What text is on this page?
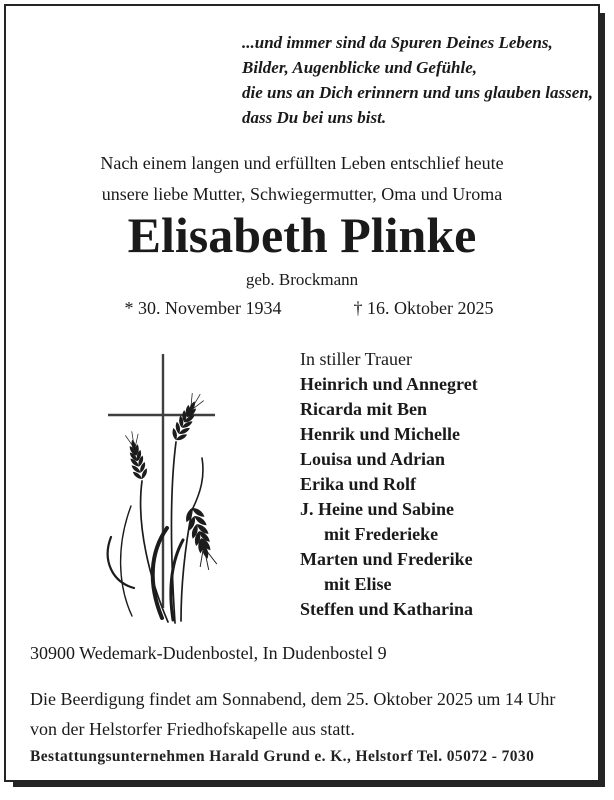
...und immer sind da Spuren Deines Lebens,
Bilder, Augenblicke und Gefühle,
die uns an Dich erinnern und uns glauben lassen,
dass Du bei uns bist.
Nach einem langen und erfüllten Leben entschlief heute
unsere liebe Mutter, Schwiegermutter, Oma und Uroma
Elisabeth Plinke
geb. Brockmann
* 30. November 1934	† 16. Oktober 2025
In stiller Trauer
Heinrich und Annegret
Ricarda mit Ben
Henrik und Michelle
Louisa und Adrian
Erika und Rolf
J. Heine und Sabine
mit Frederieke
Marten und Frederike
mit Elise
Steffen und Katharina
30900 Wedemark-Dudenbostel, In Dudenbostel 9
Die Beerdigung findet am Sonnabend, dem 25. Oktober 2025 um 14 Uhr
von der Helstorfer Friedhofskapelle aus statt.
Bestattungsunternehmen Harald Grund e. K., Helstorf Tel. 05072 - 7030
